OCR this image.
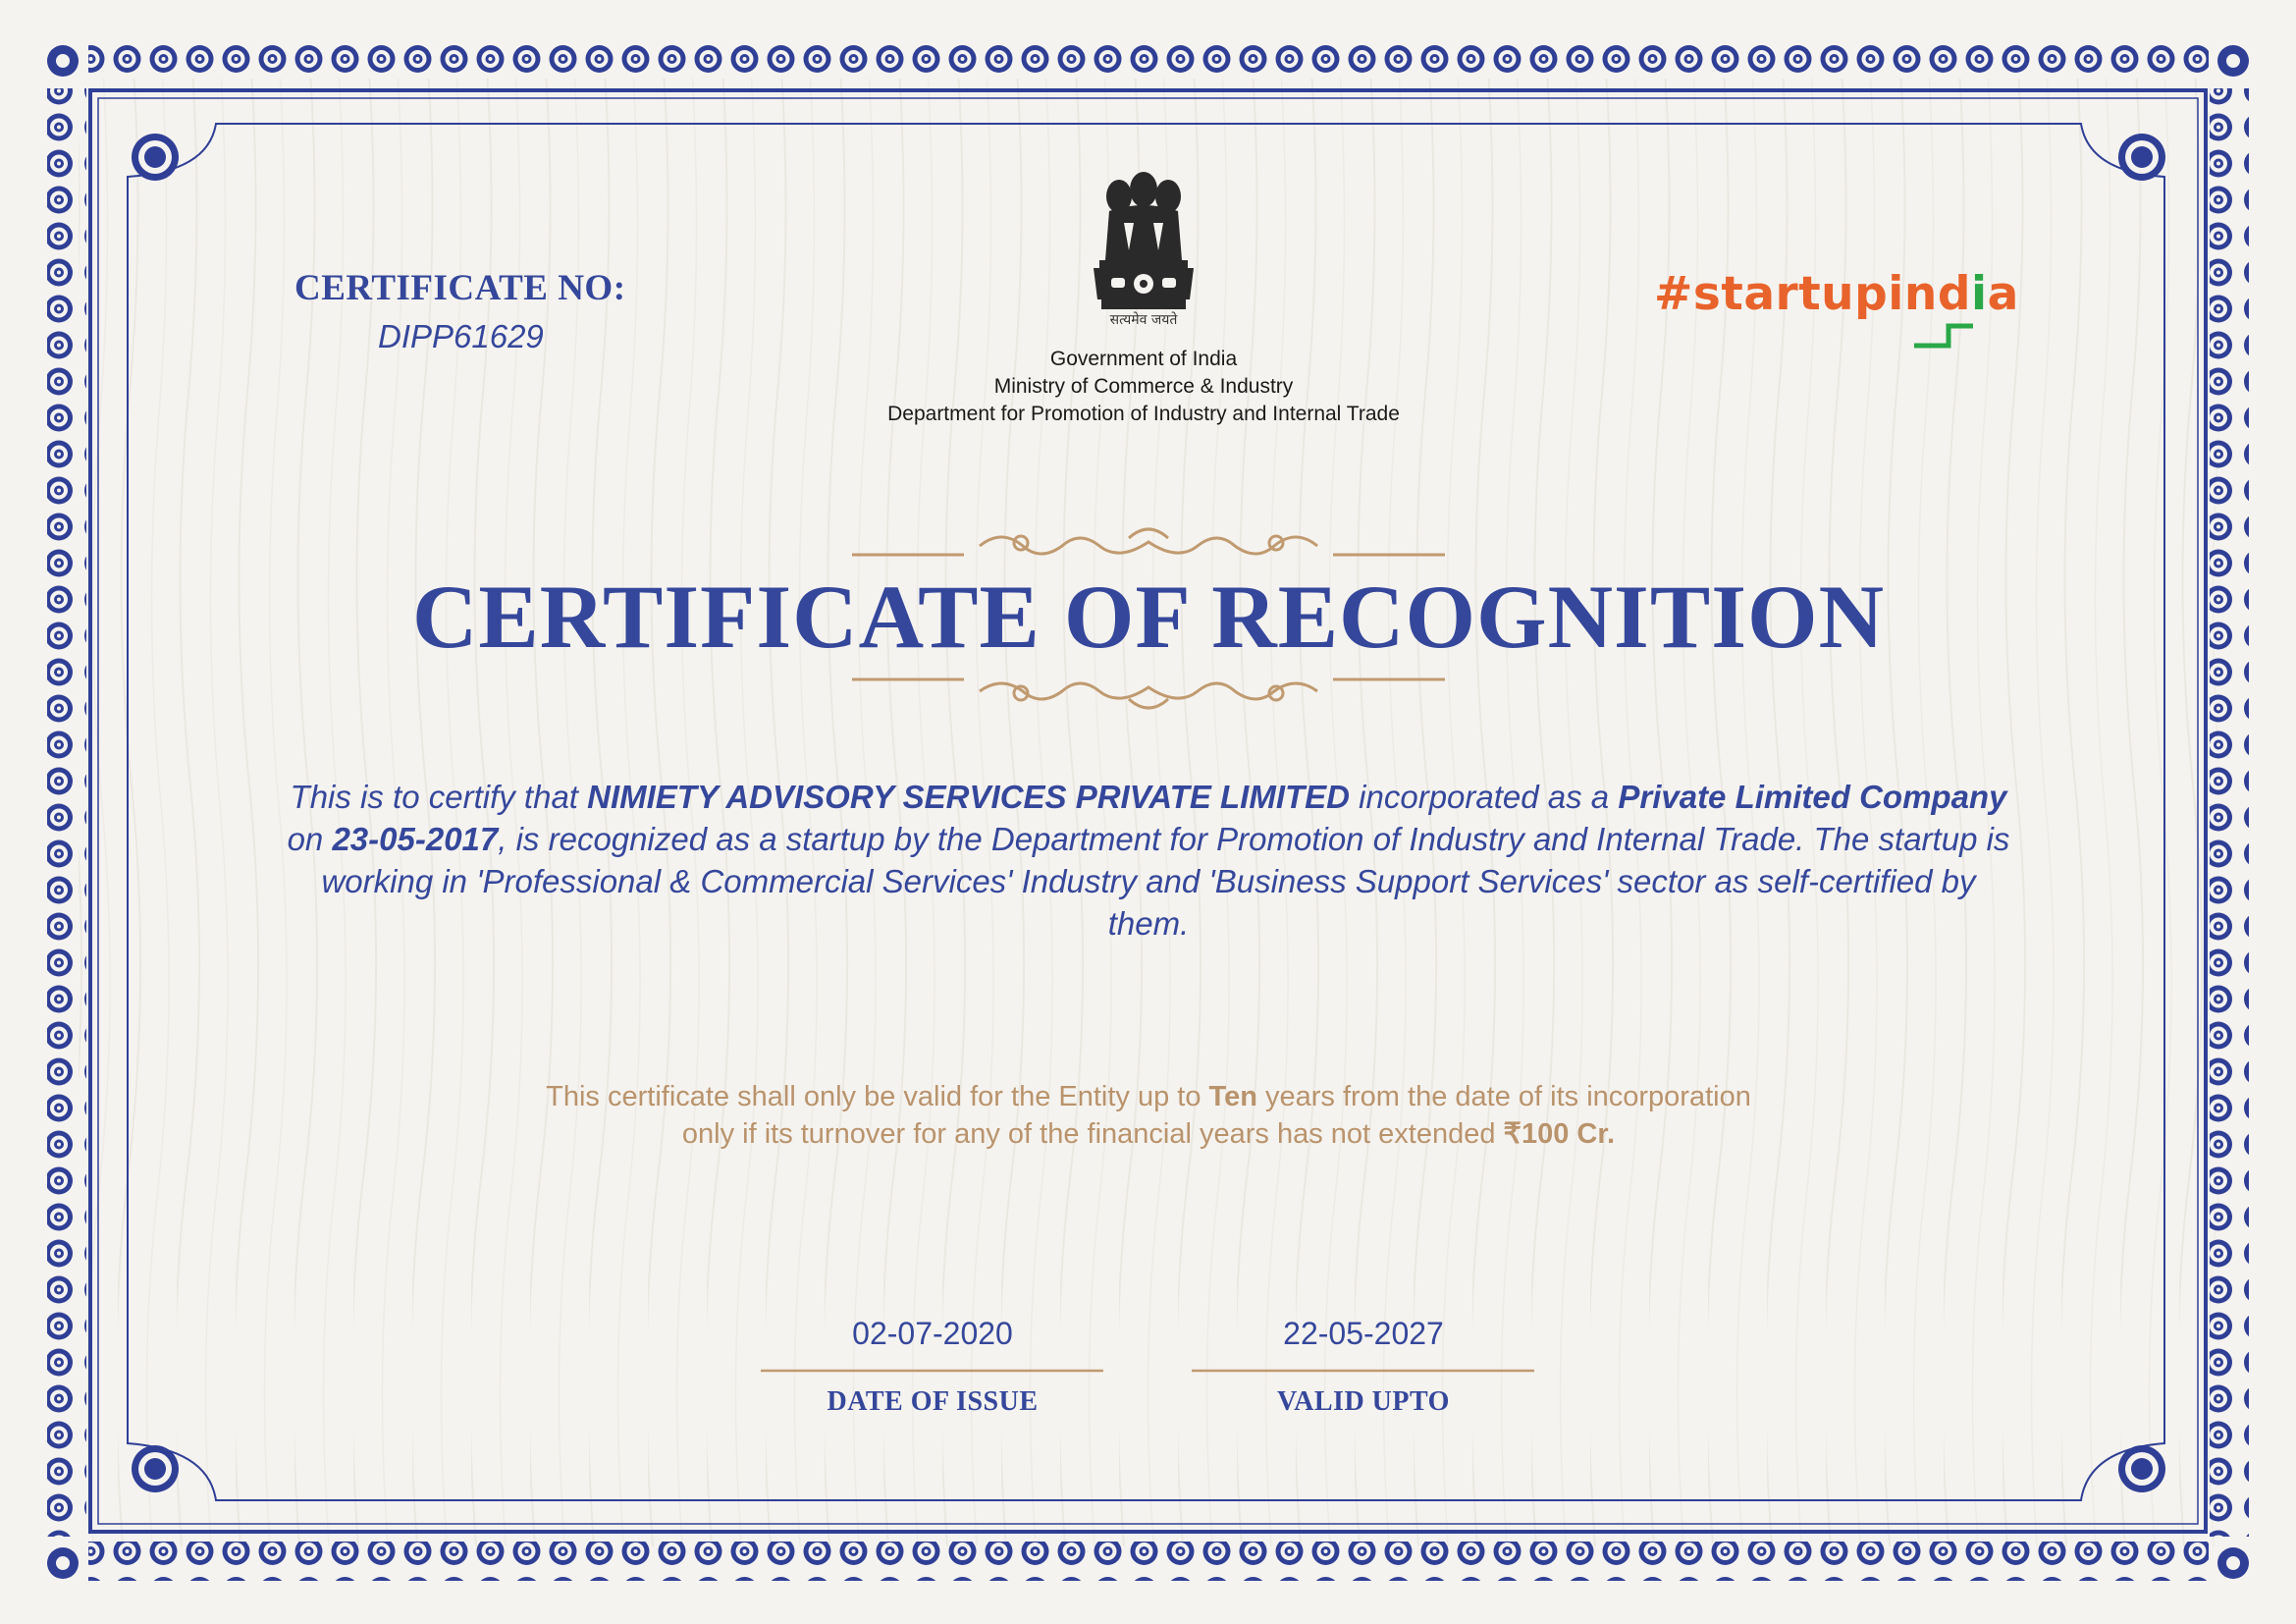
CERTIFICATE NO:
DIPP61629	सत्यमेव जयते
Government of India
Ministry of Commerce & Industry
Department for Promotion of Industry and Internal Trade
#startupindia
CERTIFICATE OF RECOGNITION
This is to certify that NIMIETY ADVISORY SERVICES PRIVATE LIMITED incorporated as a Private Limited Company on 23-05-2017, is recognized as a startup by the Department for Promotion of Industry and Internal Trade. The startup is working in 'Professional & Commercial Services' Industry and 'Business Support Services' sector as self-certified by them.
This certificate shall only be valid for the Entity up to Ten years from the date of its incorporation
only if its turnover for any of the financial years has not extended ₹100 Cr.
02-07-2020
DATE OF ISSUE
22-05-2027
VALID UPTO
